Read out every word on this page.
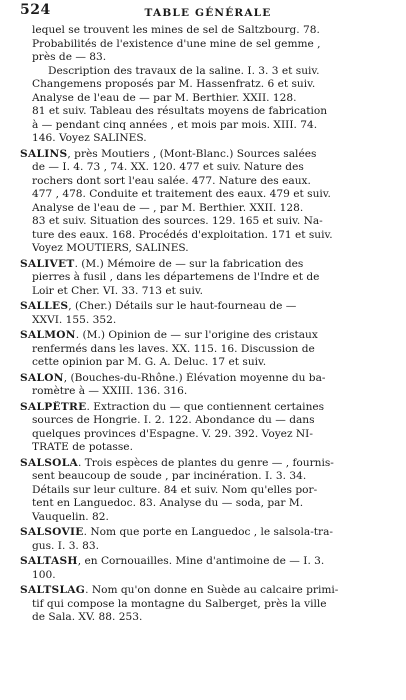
524	TABLE GÉNÉRALE
lequel se trouvent les mines de sel de Saltzbourg. 78.
Probabilités de l'existence d'une mine de sel gemme ,
près de — 83.
Description des travaux de la saline. I. 3. 3 et suiv.
Changemens proposés par M. Hassenfratz. 6 et suiv.
Analyse de l'eau de — par M. Berthier. XXII. 128.
81 et suiv. Tableau des résultats moyens de fabrication
à — pendant cinq années , et mois par mois. XIII. 74.
146. Voyez SALINES.
SALINS, près Moutiers , (Mont-Blanc.) Sources salées
de — I. 4. 73 , 74. XX. 120. 477 et suiv. Nature des
rochers dont sort l'eau salée. 477. Nature des eaux.
477 , 478. Conduite et traitement des eaux. 479 et suiv.
Analyse de l'eau de — , par M. Berthier. XXII. 128.
83 et suiv. Situation des sources. 129. 165 et suiv. Na-
ture des eaux. 168. Procédés d'exploitation. 171 et suiv.
Voyez MOUTIERS, SALINES.
SALIVET. (M.) Mémoire de — sur la fabrication des
pierres à fusil , dans les départemens de l'Indre et de
Loir et Cher. VI. 33. 713 et suiv.
SALLES, (Cher.) Détails sur le haut-fourneau de —
XXVI. 155. 352.
SALMON. (M.) Opinion de — sur l'origine des cristaux
renfermés dans les laves. XX. 115. 16. Discussion de
cette opinion par M. G. A. Deluc. 17 et suiv.
SALON, (Bouches-du-Rhône.) Élévation moyenne du ba-
romètre à — XXIII. 136. 316.
SALPÊTRE. Extraction du — que contiennent certaines
sources de Hongrie. I. 2. 122. Abondance du — dans
quelques provinces d'Espagne. V. 29. 392. Voyez NI-
TRATE de potasse.
SALSOLA. Trois espèces de plantes du genre — , fournis-
sent beaucoup de soude , par incinération. I. 3. 34.
Détails sur leur culture. 84 et suiv. Nom qu'elles por-
tent en Languedoc. 83. Analyse du — soda, par M.
Vauquelin. 82.
SALSOVIE. Nom que porte en Languedoc , le salsola-tra-
gus. I. 3. 83.
SALTASH, en Cornouailles. Mine d'antimoine de — I. 3.
100.
SALTSLAG. Nom qu'on donne en Suède au calcaire primi-
tif qui compose la montagne du Salberget, près la ville
de Sala. XV. 88. 253.
